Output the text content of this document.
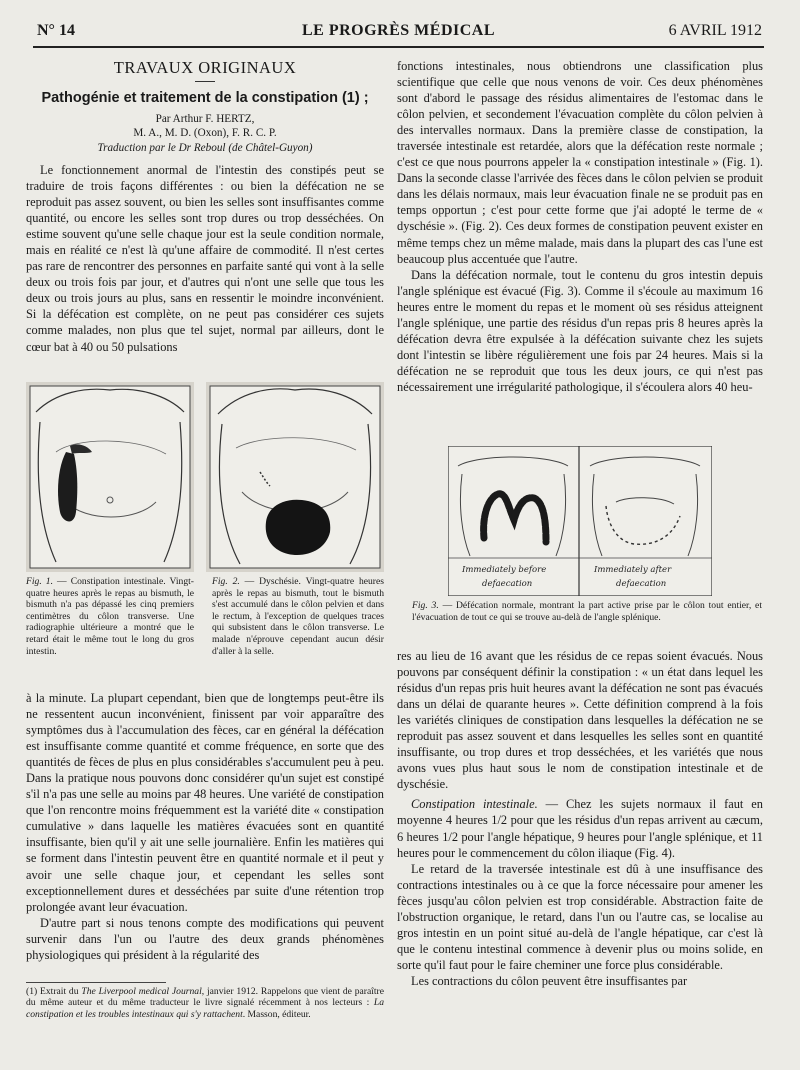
N° 14	LE PROGRÈS MÉDICAL	6 AVRIL 1912
TRAVAUX ORIGINAUX
Pathogénie et traitement de la constipation (1) ;
Par Arthur F. HERTZ,
M. A., M. D. (Oxon), F. R. C. P.
Traduction par le Dr Reboul (de Châtel-Guyon)

Le fonctionnement anormal de l'intestin des constipés peut se traduire de trois façons différentes : ou bien la défécation ne se reproduit pas assez souvent, ou bien les selles sont insuffisantes comme quantité, ou encore les selles sont trop dures ou trop desséchées. On estime souvent qu'une selle chaque jour est la seule condition normale, mais en réalité ce n'est là qu'une affaire de commodité. Il n'est certes pas rare de rencontrer des personnes en parfaite santé qui vont à la selle deux ou trois fois par jour, et d'autres qui n'ont une selle que tous les deux ou trois jours au plus, sans en ressentir le moindre inconvénient. Si la défécation est complète, on ne peut pas considérer ces sujets comme malades, non plus que tel sujet, normal par ailleurs, dont le cœur bat à 40 ou 50 pulsations

Fig. 1. — Constipation intestinale. Vingt-quatre heures après le repas au bismuth, le bismuth n'a pas dépassé les cinq premiers centimètres du côlon transverse. Une radiographie ultérieure a montré que le retard était le même tout le long du gros intestin.
Fig. 2. — Dyschésie. Vingt-quatre heures après le repas au bismuth, tout le bismuth s'est accumulé dans le côlon pelvien et dans le rectum, à l'exception de quelques traces qui subsistent dans le côlon transverse. Le malade n'éprouve cependant aucun désir d'aller à la selle.

à la minute. La plupart cependant, bien que de longtemps peut-être ils ne ressentent aucun inconvénient, finissent par voir apparaître des symptômes dus à l'accumulation des fèces, car en général la défécation est insuffisante comme quantité et comme fréquence, en sorte que des quantités de fèces de plus en plus considérables s'accumulent peu à peu. Dans la pratique nous pouvons donc considérer qu'un sujet est constipé s'il n'a pas une selle au moins par 48 heures. Une variété de constipation que l'on rencontre moins fréquemment est la variété dite « constipation cumulative » dans laquelle les matières évacuées sont en quantité insuffisante, bien qu'il y ait une selle journalière. Enfin les matières qui se forment dans l'intestin peuvent être en quantité normale et il peut y avoir une selle chaque jour, et cependant les selles sont exceptionnellement dures et desséchées par suite d'une rétention trop prolongée avant leur évacuation.

D'autre part si nous tenons compte des modifications qui peuvent survenir dans l'un ou l'autre des deux grands phénomènes physiologiques qui président à la régularité des

(1) Extrait du The Liverpool medical Journal, janvier 1912. Rappelons que vient de paraître du même auteur et du même traducteur le livre signalé récemment à nos lecteurs : La constipation et les troubles intestinaux qui s'y rattachent. Masson, éditeur.

fonctions intestinales, nous obtiendrons une classification plus scientifique que celle que nous venons de voir. Ces deux phénomènes sont d'abord le passage des résidus alimentaires de l'estomac dans le côlon pelvien, et secondement l'évacuation complète du côlon pelvien à des intervalles normaux. Dans la première classe de constipation, la traversée intestinale est retardée, alors que la défécation reste normale ; c'est ce que nous pourrons appeler la « constipation intestinale » (Fig. 1). Dans la seconde classe l'arrivée des fèces dans le côlon pelvien se produit dans les délais normaux, mais leur évacuation finale ne se produit pas en temps opportun ; c'est pour cette forme que j'ai adopté le terme de « dyschésie ». (Fig. 2). Ces deux formes de constipation peuvent exister en même temps chez un même malade, mais dans la plupart des cas l'une est beaucoup plus accentuée que l'autre.

Dans la défécation normale, tout le contenu du gros intestin depuis l'angle splénique est évacué (Fig. 3). Comme il s'écoule au maximum 16 heures entre le moment du repas et le moment où ses résidus atteignent l'angle splénique, une partie des résidus d'un repas pris 8 heures après la défécation devra être expulsée à la défécation suivante chez les sujets dont l'intestin se libère régulièrement une fois par 24 heures. Mais si la défécation ne se reproduit que tous les deux jours, ce qui n'est pas nécessairement une irrégularité pathologique, il s'écoulera alors 40 heu-

Immediately before
defaecation
Immediately after
defaecation
Fig. 3. — Défécation normale, montrant la part active prise par le côlon tout entier, et l'évacuation de tout ce qui se trouve au-delà de l'angle splénique.

res au lieu de 16 avant que les résidus de ce repas soient évacués. Nous pouvons par conséquent définir la constipation : « un état dans lequel les résidus d'un repas pris huit heures avant la défécation ne sont pas évacués dans un délai de quarante heures ». Cette définition comprend à la fois les variétés cliniques de constipation dans lesquelles la défécation ne se reproduit pas assez souvent et dans lesquelles les selles sont en quantité insuffisante, ou trop dures et trop desséchées, et les variétés que nous avons vues plus haut sous le nom de constipation intestinale et de dyschésie.

Constipation intestinale. — Chez les sujets normaux il faut en moyenne 4 heures 1/2 pour que les résidus d'un repas arrivent au cæcum, 6 heures 1/2 pour l'angle hépatique, 9 heures pour l'angle splénique, et 11 heures pour le commencement du côlon iliaque (Fig. 4).

Le retard de la traversée intestinale est dû à une insuffisance des contractions intestinales ou à ce que la force nécessaire pour amener les fèces jusqu'au côlon pelvien est trop considérable. Abstraction faite de l'obstruction organique, le retard, dans l'un ou l'autre cas, se localise au gros intestin en un point situé au-delà de l'angle hépatique, car c'est là que le contenu intestinal commence à devenir plus ou moins solide, en sorte qu'il faut pour le faire cheminer une force plus considérable.

Les contractions du côlon peuvent être insuffisantes par
